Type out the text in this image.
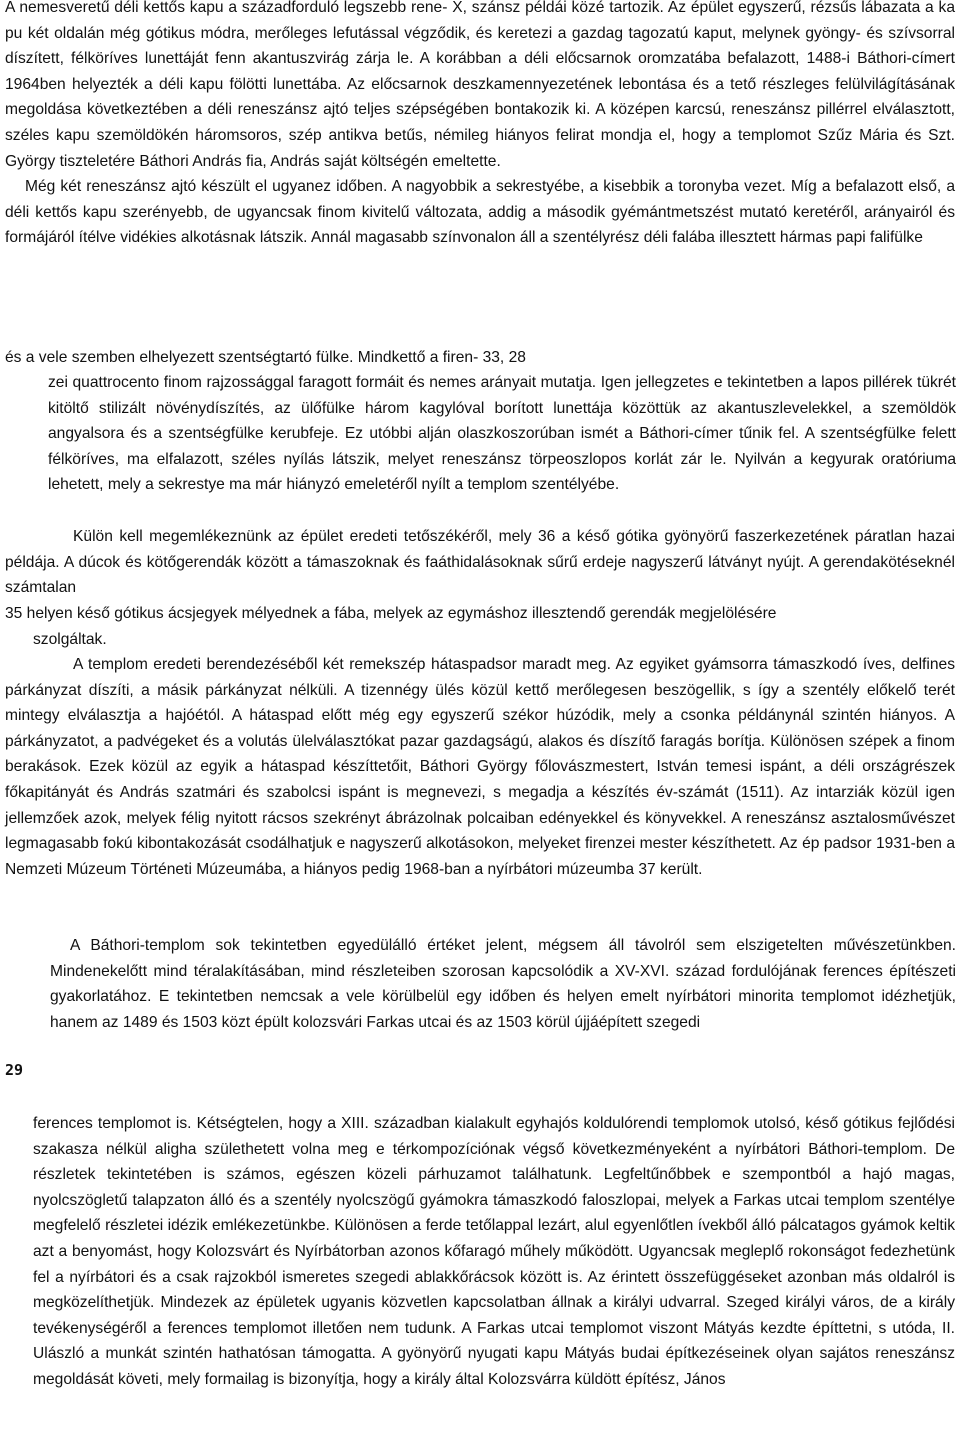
A nemesveretű déli kettős kapu a századforduló legszebb rene- X, szánsz példái közé tartozik. Az épület egyszerű, rézsűs lábazata a ka pu két oldalán még gótikus módra, merőleges lefutással végződik, és keretezi a gazdag tagozatú kaput, melynek gyöngy- és szívsorral díszített, félköríves lunettáját fenn akantuszvirág zárja le. A korábban a déli előcsarnok oromzatába befalazott, 1488-i Báthori-címert 1964ben helyezték a déli kapu fölötti lunettába. Az előcsarnok deszkamennyezetének lebontása és a tető részleges felülvilágításának megoldása következtében a déli reneszánsz ajtó teljes szépségében bontakozik ki. A középen karcsú, reneszánsz pillérrel elválasztott, széles kapu szemöldökén háromsoros, szép antikva betűs, némileg hiányos felirat mondja el, hogy a templomot Szűz Mária és Szt. György tiszteletére Báthori András fia, András saját költségén emeltette.

Még két reneszánsz ajtó készült el ugyanez időben. A nagyobbik a sekrestyébe, a kisebbik a toronyba vezet. Míg a befalazott első, a déli kettős kapu szerényebb, de ugyancsak finom kivitelű változata, addig a második gyémántmetszést mutató keretéről, arányairól és formájáról ítélve vidékies alkotásnak látszik. Annál magasabb színvonalon áll a szentélyrész déli falába illesztett hármas papi falifülke

és a vele szemben elhelyezett szentségtartó fülke. Mindkettő a firen- 33, 28

zei quattrocento finom rajzossággal faragott formáit és nemes arányait mutatja. Igen jellegzetes e tekintetben a lapos pillérek tükrét kitöltő stilizált növénydíszítés, az ülőfülke három kagylóval borított lunettája közöttük az akantuszlevelekkel, a szemöldök angyalsora és a szentségfülke kerubfeje. Ez utóbbi alján olaszkoszorúban ismét a Báthori-címer tűnik fel. A szentségfülke felett félköríves, ma elfalazott, széles nyílás látszik, melyet reneszánsz törpeoszlopos korlát zár le. Nyilván a kegyurak oratóriuma lehetett, mely a sekrestye ma már hiányzó emeletéről nyílt a templom szentélyébe.

Külön kell megemlékeznünk az épület eredeti tetőszékéről, mely 36 a késő gótika gyönyörű faszerkezetének páratlan hazai példája. A dúcok és kötőgerendák között a támaszoknak és faáthidalásoknak sűrű erdeje nagyszerű látványt nyújt. A gerendakötéseknél számtalan

35 helyen késő gótikus ácsjegyek mélyednek a fába, melyek az egymáshoz illesztendő gerendák megjelölésére

szolgáltak.

A templom eredeti berendezéséből két remekszép hátaspadsor maradt meg. Az egyiket gyámsorra támaszkodó íves, delfines párkányzat díszíti, a másik párkányzat nélküli. A tizennégy ülés közül kettő merőlegesen beszögellik, s így a szentély előkelő terét mintegy elválasztja a hajóétól. A hátaspad előtt még egy egyszerű székor húzódik, mely a csonka példánynál szintén hiányos. A párkányzatot, a padvégeket és a volutás ülelválasztókat pazar gazdagságú, alakos és díszítő faragás borítja. Különösen szépek a finom berakások. Ezek közül az egyik a hátaspad készíttetőit, Báthori György főlovászmestert, István temesi ispánt, a déli országrészek főkapitányát és András szatmári és szabolcsi ispánt is megnevezi, s megadja a készítés év-számát (1511). Az intarziák közül igen jellemzőek azok, melyek félig nyitott rácsos szekrényt ábrázolnak polcaiban edényekkel és könyvekkel. A reneszánsz asztalosművészet legmagasabb fokú kibontakozását csodálhatjuk e nagyszerű alkotásokon, melyeket firenzei mester készíthetett. Az ép padsor 1931-ben a Nemzeti Múzeum Történeti Múzeumába, a hiányos pedig 1968-ban a nyírbátori múzeumba 37 került.

A Báthori-templom sok tekintetben egyedülálló értéket jelent, mégsem áll távolról sem elszigetelten művészetünkben. Mindenekelőtt mind téralakításában, mind részleteiben szorosan kapcsolódik a XV-XVI. század fordulójának ferences építészeti gyakorlatához. E tekintetben nemcsak a vele körülbelül egy időben és helyen emelt nyírbátori minorita templomot idézhetjük, hanem az 1489 és 1503 közt épült kolozsvári Farkas utcai és az 1503 körül újjáépített szegedi

29

ferences templomot is. Kétségtelen, hogy a XIII. században kialakult egyhajós koldulórendi templomok utolsó, késő gótikus fejlődési szakasza nélkül aligha születhetett volna meg e térkompozíciónak végső következményeként a nyírbátori Báthori-templom. De részletek tekintetében is számos, egészen közeli párhuzamot találhatunk. Legfeltűnőbbek e szempontból a hajó magas, nyolcszögletű talapzaton álló és a szentély nyolcszögű gyámokra támaszkodó faloszlopai, melyek a Farkas utcai templom szentélye megfelelő részletei idézik emlékezetünkbe. Különösen a ferde tetőlappal lezárt, alul egyenlőtlen ívekből álló pálcatagos gyámok keltik azt a benyomást, hogy Kolozsvárt és Nyírbátorban azonos kőfaragó műhely működött. Ugyancsak megleplő rokonságot fedezhetünk fel a nyírbátori és a csak rajzokból ismeretes szegedi ablakkőrácsok között is. Az érintett összefüggéseket azonban más oldalról is megközelíthetjük. Mindezek az épületek ugyanis közvetlen kapcsolatban állnak a királyi udvarral. Szeged királyi város, de a király tevékenységéről a ferences templomot illetően nem tudunk. A Farkas utcai templomot viszont Mátyás kezdte építtetni, s utóda, II. Ulászló a munkát szintén hathatósan támogatta. A gyönyörű nyugati kapu Mátyás budai építkezéseinek olyan sajátos reneszánsz megoldását követi, mely formailag is bizonyítja, hogy a király által Kolozsvárra küldött építész, János
